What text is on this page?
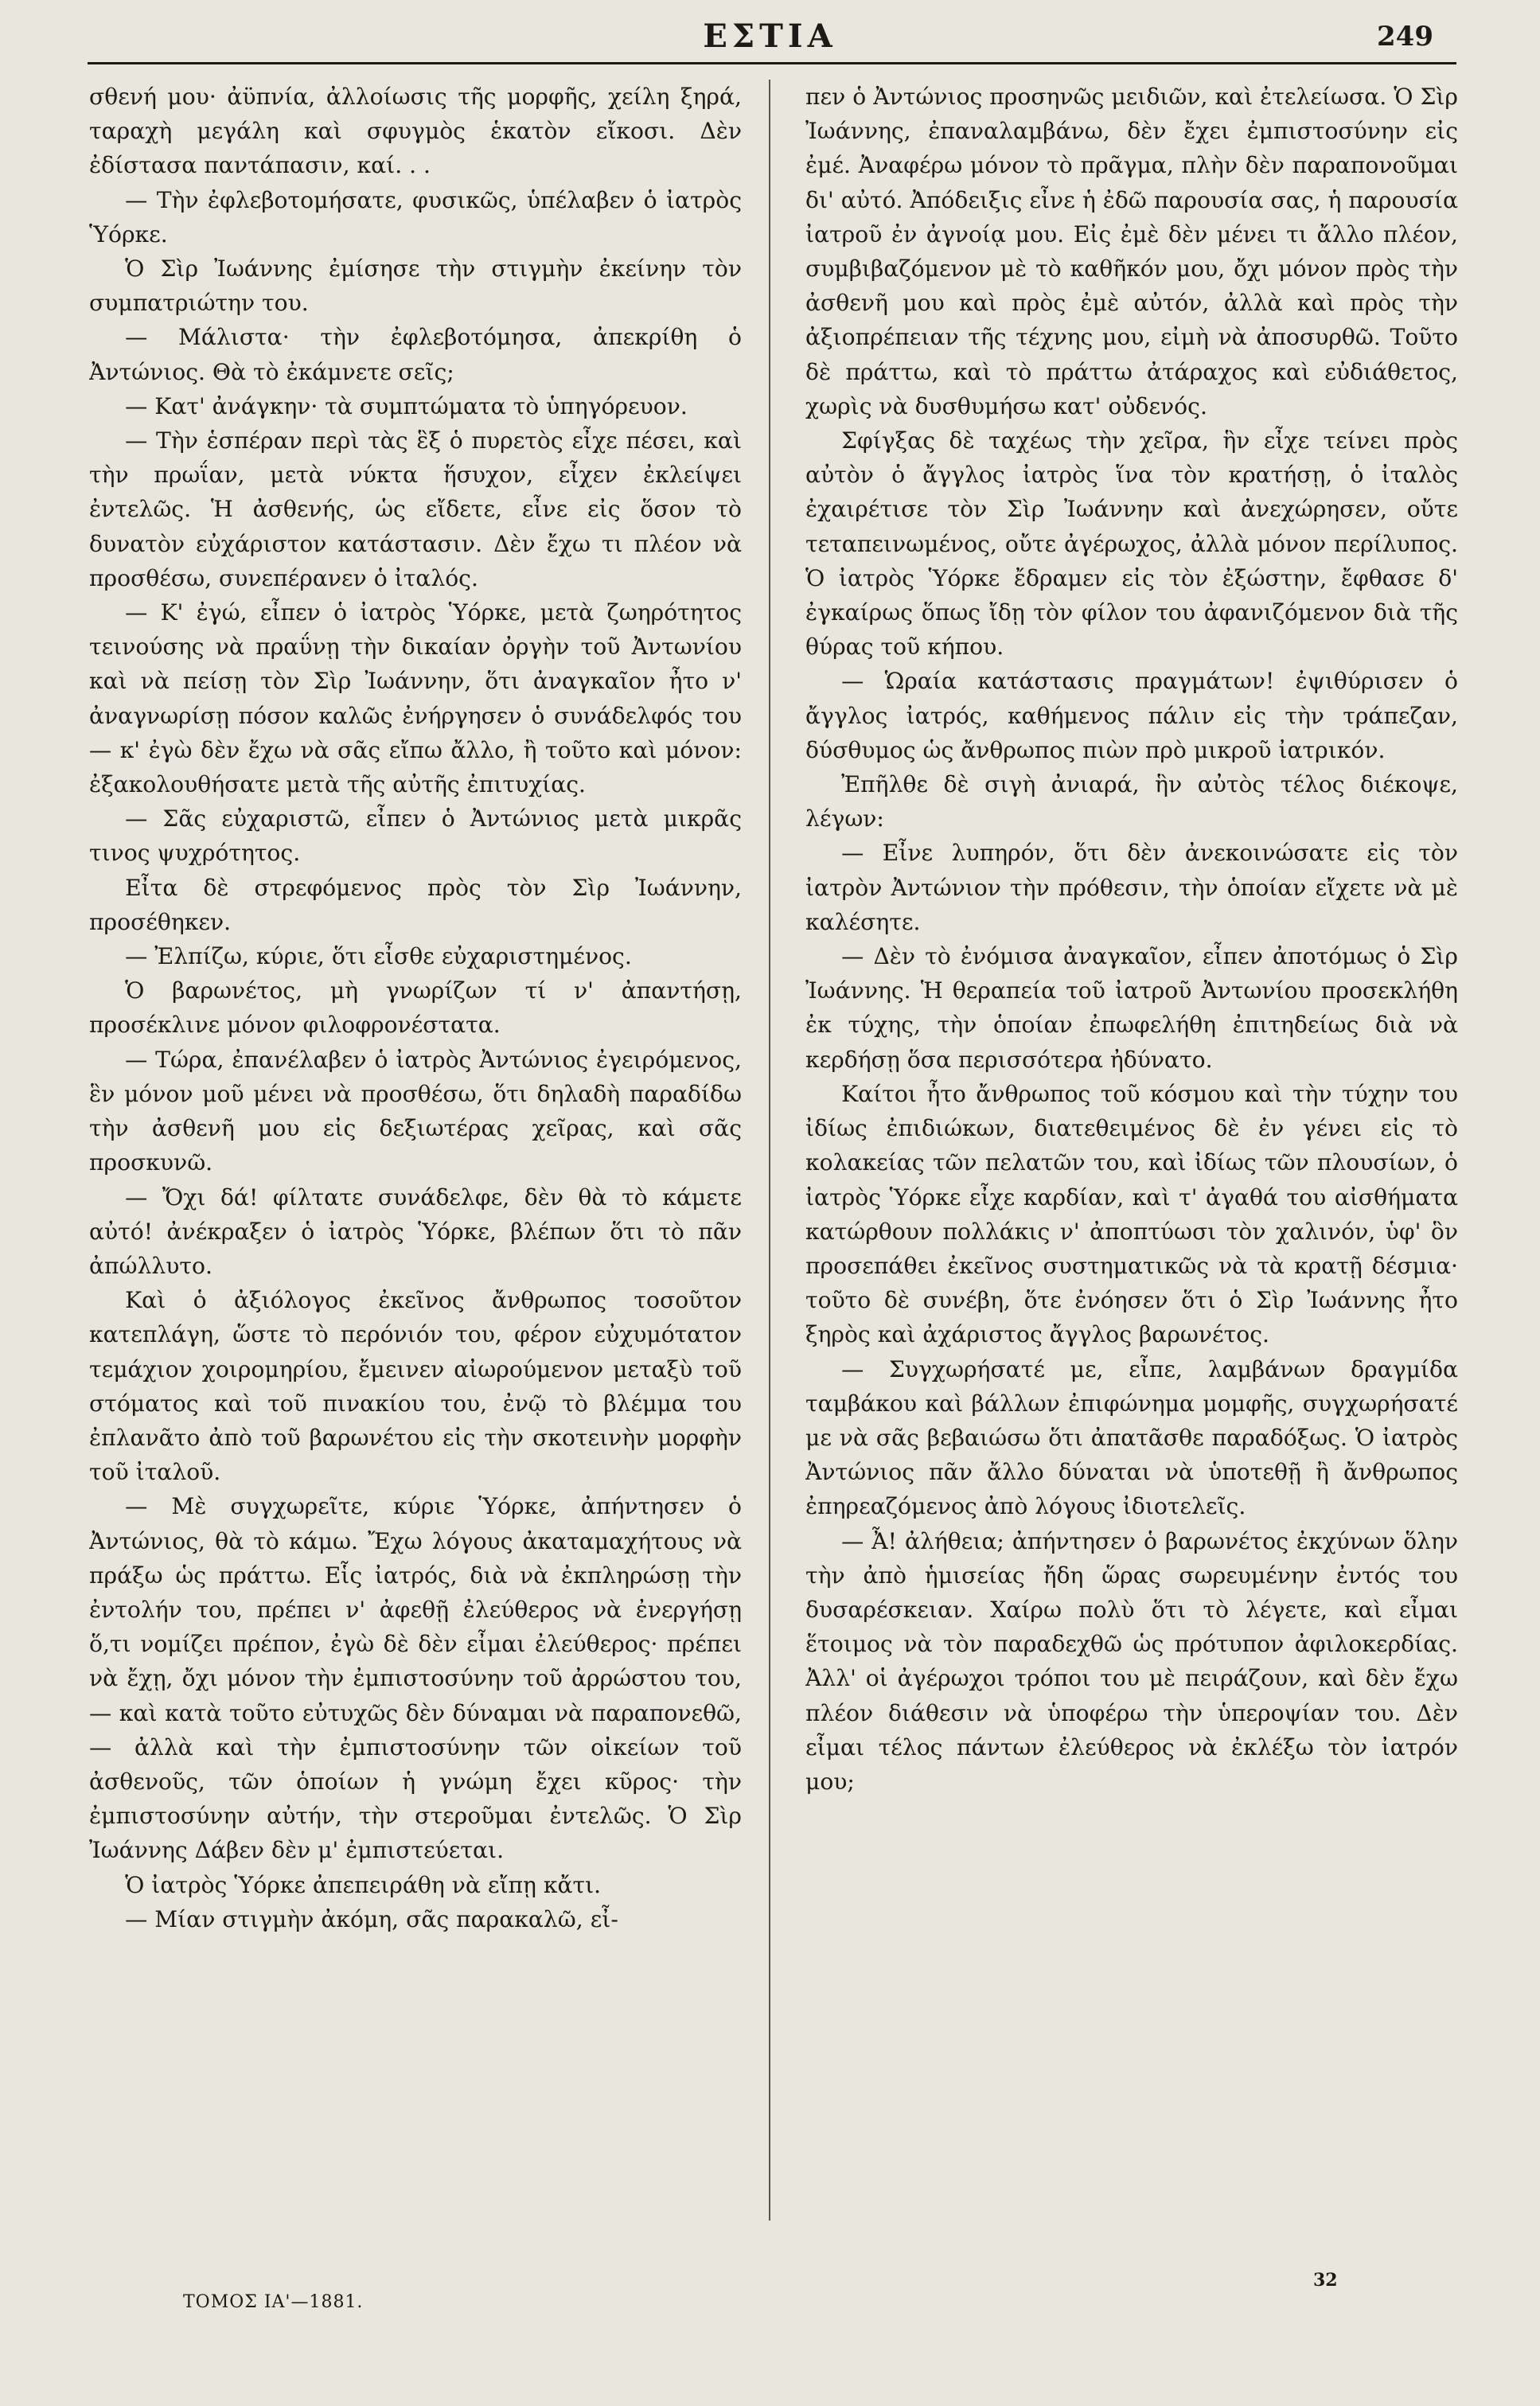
ΕΣΤΙΑ	249

σθενή μου· ἀϋπνία, ἀλλοίωσις τῆς μορφῆς, χείλη ξηρά, ταραχὴ μεγάλη καὶ σφυγμὸς ἑκατὸν εἴκοσι. Δὲν ἐδίστασα παντάπασιν, καί. . .

— Τὴν ἐφλεβοτομήσατε, φυσικῶς, ὑπέλαβεν ὁ ἰατρὸς Ὑόρκε.

Ὁ Σὶρ Ἰωάννης ἐμίσησε τὴν στιγμὴν ἐκείνην τὸν συμπατριώτην του.

— Μάλιστα· τὴν ἐφλεβοτόμησα, ἀπεκρίθη ὁ Ἀντώνιος. Θὰ τὸ ἐκάμνετε σεῖς;

— Κατ' ἀνάγκην· τὰ συμπτώματα τὸ ὑπηγόρευον.

— Τὴν ἑσπέραν περὶ τὰς ἓξ ὁ πυρετὸς εἶχε πέσει, καὶ τὴν πρωΐαν, μετὰ νύκτα ἥσυχον, εἶχεν ἐκλείψει ἐντελῶς. Ἡ ἀσθενής, ὡς εἴδετε, εἶνε εἰς ὅσον τὸ δυνατὸν εὐχάριστον κατάστασιν. Δὲν ἔχω τι πλέον νὰ προσθέσω, συνεπέρανεν ὁ ἰταλός.

— Κ' ἐγώ, εἶπεν ὁ ἰατρὸς Ὑόρκε, μετὰ ζωηρότητος τεινούσης νὰ πραΰνῃ τὴν δικαίαν ὀργὴν τοῦ Ἀντωνίου καὶ νὰ πείσῃ τὸν Σὶρ Ἰωάννην, ὅτι ἀναγκαῖον ἦτο ν' ἀναγνωρίσῃ πόσον καλῶς ἐνήργησεν ὁ συνάδελφός του — κ' ἐγὼ δὲν ἔχω νὰ σᾶς εἴπω ἄλλο, ἢ τοῦτο καὶ μόνον: ἐξακολουθήσατε μετὰ τῆς αὐτῆς ἐπιτυχίας.

— Σᾶς εὐχαριστῶ, εἶπεν ὁ Ἀντώνιος μετὰ μικρᾶς τινος ψυχρότητος.

Εἶτα δὲ στρεφόμενος πρὸς τὸν Σὶρ Ἰωάννην, προσέθηκεν.

— Ἐλπίζω, κύριε, ὅτι εἶσθε εὐχαριστημένος.

Ὁ βαρωνέτος, μὴ γνωρίζων τί ν' ἀπαντήσῃ, προσέκλινε μόνον φιλοφρονέστατα.

— Τώρα, ἐπανέλαβεν ὁ ἰατρὸς Ἀντώνιος ἐγειρόμενος, ἓν μόνον μοῦ μένει νὰ προσθέσω, ὅτι δηλαδὴ παραδίδω τὴν ἀσθενῆ μου εἰς δεξιωτέρας χεῖρας, καὶ σᾶς προσκυνῶ.

— Ὄχι δά! φίλτατε συνάδελφε, δὲν θὰ τὸ κάμετε αὐτό! ἀνέκραξεν ὁ ἰατρὸς Ὑόρκε, βλέπων ὅτι τὸ πᾶν ἀπώλλυτο.

Καὶ ὁ ἀξιόλογος ἐκεῖνος ἄνθρωπος τοσοῦτον κατεπλάγη, ὥστε τὸ περόνιόν του, φέρον εὐχυμότατον τεμάχιον χοιρομηρίου, ἔμεινεν αἰωρούμενον μεταξὺ τοῦ στόματος καὶ τοῦ πινακίου του, ἐνῷ τὸ βλέμμα του ἐπλανᾶτο ἀπὸ τοῦ βαρωνέτου εἰς τὴν σκοτεινὴν μορφὴν τοῦ ἰταλοῦ.

— Μὲ συγχωρεῖτε, κύριε Ὑόρκε, ἀπήντησεν ὁ Ἀντώνιος, θὰ τὸ κάμω. Ἔχω λόγους ἀκαταμαχήτους νὰ πράξω ὡς πράττω. Εἷς ἰατρός, διὰ νὰ ἐκπληρώσῃ τὴν ἐντολήν του, πρέπει ν' ἀφεθῇ ἐλεύθερος νὰ ἐνεργήσῃ ὅ,τι νομίζει πρέπον, ἐγὼ δὲ δὲν εἶμαι ἐλεύθερος· πρέπει νὰ ἔχῃ, ὄχι μόνον τὴν ἐμπιστοσύνην τοῦ ἀρρώστου του, — καὶ κατὰ τοῦτο εὐτυχῶς δὲν δύναμαι νὰ παραπονεθῶ, — ἀλλὰ καὶ τὴν ἐμπιστοσύνην τῶν οἰκείων τοῦ ἀσθενοῦς, τῶν ὁποίων ἡ γνώμη ἔχει κῦρος· τὴν ἐμπιστοσύνην αὐτήν, τὴν στεροῦμαι ἐντελῶς. Ὁ Σὶρ Ἰωάννης Δάβεν δὲν μ' ἐμπιστεύεται.

Ὁ ἰατρὸς Ὑόρκε ἀπεπειράθη νὰ εἴπῃ κἄτι.

— Μίαν στιγμὴν ἀκόμη, σᾶς παρακαλῶ, εἶ-

πεν ὁ Ἀντώνιος προσηνῶς μειδιῶν, καὶ ἐτελείωσα. Ὁ Σὶρ Ἰωάννης, ἐπαναλαμβάνω, δὲν ἔχει ἐμπιστοσύνην εἰς ἐμέ. Ἀναφέρω μόνον τὸ πρᾶγμα, πλὴν δὲν παραπονοῦμαι δι' αὐτό. Ἀπόδειξις εἶνε ἡ ἐδῶ παρουσία σας, ἡ παρουσία ἰατροῦ ἐν ἀγνοίᾳ μου. Εἰς ἐμὲ δὲν μένει τι ἄλλο πλέον, συμβιβαζόμενον μὲ τὸ καθῆκόν μου, ὄχι μόνον πρὸς τὴν ἀσθενῆ μου καὶ πρὸς ἐμὲ αὐτόν, ἀλλὰ καὶ πρὸς τὴν ἀξιοπρέπειαν τῆς τέχνης μου, εἰμὴ νὰ ἀποσυρθῶ. Τοῦτο δὲ πράττω, καὶ τὸ πράττω ἀτάραχος καὶ εὐδιάθετος, χωρὶς νὰ δυσθυμήσω κατ' οὐδενός.

Σφίγξας δὲ ταχέως τὴν χεῖρα, ἣν εἶχε τείνει πρὸς αὐτὸν ὁ ἄγγλος ἰατρὸς ἵνα τὸν κρατήσῃ, ὁ ἰταλὸς ἐχαιρέτισε τὸν Σὶρ Ἰωάννην καὶ ἀνεχώρησεν, οὔτε τεταπεινωμένος, οὔτε ἀγέρωχος, ἀλλὰ μόνον περίλυπος. Ὁ ἰατρὸς Ὑόρκε ἔδραμεν εἰς τὸν ἐξώστην, ἔφθασε δ' ἐγκαίρως ὅπως ἴδῃ τὸν φίλον του ἀφανιζόμενον διὰ τῆς θύρας τοῦ κήπου.

— Ὡραία κατάστασις πραγμάτων! ἐψιθύρισεν ὁ ἄγγλος ἰατρός, καθήμενος πάλιν εἰς τὴν τράπεζαν, δύσθυμος ὡς ἄνθρωπος πιὼν πρὸ μικροῦ ἰατρικόν.

Ἐπῆλθε δὲ σιγὴ ἀνιαρά, ἣν αὐτὸς τέλος διέκοψε, λέγων:

— Εἶνε λυπηρόν, ὅτι δὲν ἀνεκοινώσατε εἰς τὸν ἰατρὸν Ἀντώνιον τὴν πρόθεσιν, τὴν ὁποίαν εἴχετε νὰ μὲ καλέσητε.

— Δὲν τὸ ἐνόμισα ἀναγκαῖον, εἶπεν ἀποτόμως ὁ Σὶρ Ἰωάννης. Ἡ θεραπεία τοῦ ἰατροῦ Ἀντωνίου προσεκλήθη ἐκ τύχης, τὴν ὁποίαν ἐπωφελήθη ἐπιτηδείως διὰ νὰ κερδήσῃ ὅσα περισσότερα ἠδύνατο.

Καίτοι ἦτο ἄνθρωπος τοῦ κόσμου καὶ τὴν τύχην του ἰδίως ἐπιδιώκων, διατεθειμένος δὲ ἐν γένει εἰς τὸ κολακείας τῶν πελατῶν του, καὶ ἰδίως τῶν πλουσίων, ὁ ἰατρὸς Ὑόρκε εἶχε καρδίαν, καὶ τ' ἀγαθά του αἰσθήματα κατώρθουν πολλάκις ν' ἀποπτύωσι τὸν χαλινόν, ὑφ' ὃν προσεπάθει ἐκεῖνος συστηματικῶς νὰ τὰ κρατῇ δέσμια· τοῦτο δὲ συνέβη, ὅτε ἐνόησεν ὅτι ὁ Σὶρ Ἰωάννης ἦτο ξηρὸς καὶ ἀχάριστος ἄγγλος βαρωνέτος.

— Συγχωρήσατέ με, εἶπε, λαμβάνων δραγμίδα ταμβάκου καὶ βάλλων ἐπιφώνημα μομφῆς, συγχωρήσατέ με νὰ σᾶς βεβαιώσω ὅτι ἀπατᾶσθε παραδόξως. Ὁ ἰατρὸς Ἀντώνιος πᾶν ἄλλο δύναται νὰ ὑποτεθῇ ἢ ἄνθρωπος ἐπηρεαζόμενος ἀπὸ λόγους ἰδιοτελεῖς.

— Ἆ! ἀλήθεια; ἀπήντησεν ὁ βαρωνέτος ἐκχύνων ὅλην τὴν ἀπὸ ἡμισείας ἤδη ὥρας σωρευμένην ἐντός του δυσαρέσκειαν. Χαίρω πολὺ ὅτι τὸ λέγετε, καὶ εἶμαι ἕτοιμος νὰ τὸν παραδεχθῶ ὡς πρότυπον ἀφιλοκερδίας. Ἀλλ' οἱ ἀγέρωχοι τρόποι του μὲ πειράζουν, καὶ δὲν ἔχω πλέον διάθεσιν νὰ ὑποφέρω τὴν ὑπεροψίαν του. Δὲν εἶμαι τέλος πάντων ἐλεύθερος νὰ ἐκλέξω τὸν ἰατρόν μου;

ΤΟΜΟΣ ΙΑ'—1881.
32
